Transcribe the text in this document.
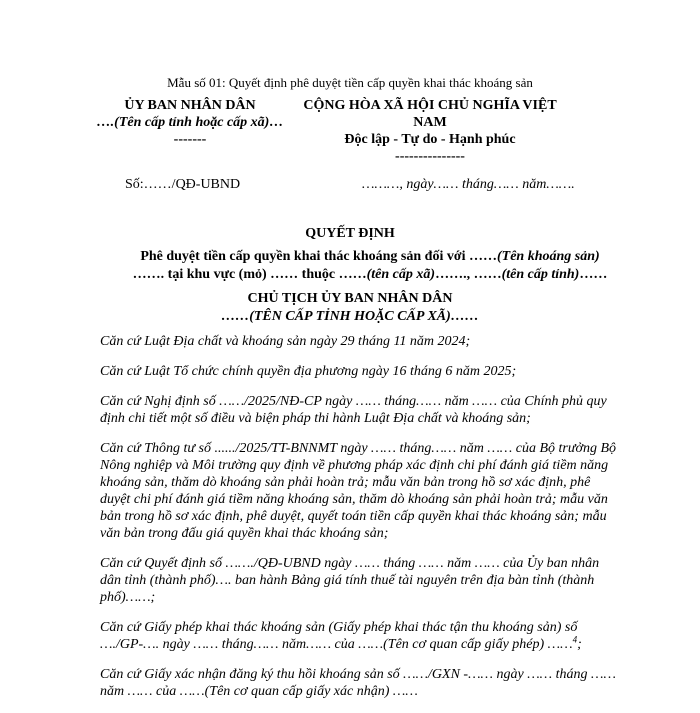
Mẫu số 01: Quyết định phê duyệt tiền cấp quyền khai thác khoáng sản
ỦY BAN NHÂN DÂN
….(Tên cấp tỉnh hoặc cấp xã)…
-------
CỘNG HÒA XÃ HỘI CHỦ NGHĨA VIỆT
NAM
Độc lập - Tự do - Hạnh phúc
---------------
Số:……/QĐ-UBND	………, ngày…… tháng…… năm…….
QUYẾT ĐỊNH
Phê duyệt tiền cấp quyền khai thác khoáng sản đối với ……(Tên khoáng sản)
……. tại khu vực (mỏ) …… thuộc ……(tên cấp xã)……., ……(tên cấp tỉnh)……
CHỦ TỊCH ỦY BAN NHÂN DÂN
……(TÊN CẤP TỈNH HOẶC CẤP XÃ)……

Căn cứ Luật Địa chất và khoáng sản ngày 29 tháng 11 năm 2024;

Căn cứ Luật Tổ chức chính quyền địa phương ngày 16 tháng 6 năm 2025;

Căn cứ Nghị định số ……/2025/NĐ-CP ngày …… tháng…… năm …… của Chính phủ quy định chi tiết một số điều và biện pháp thi hành Luật Địa chất và khoáng sản;

Căn cứ Thông tư số ....../2025/TT-BNNMT ngày …… tháng…… năm …… của Bộ trưởng Bộ Nông nghiệp và Môi trường quy định về phương pháp xác định chi phí đánh giá tiềm năng khoáng sản, thăm dò khoáng sản phải hoàn trả; mẫu văn bản trong hồ sơ xác định, phê duyệt chi phí đánh giá tiềm năng khoáng sản, thăm dò khoáng sản phải hoàn trả; mẫu văn bản trong hồ sơ xác định, phê duyệt, quyết toán tiền cấp quyền khai thác khoáng sản; mẫu văn bản trong đấu giá quyền khai thác khoáng sản;

Căn cứ Quyết định số ……./QĐ-UBND ngày …… tháng …… năm …… của Ủy ban nhân dân tỉnh (thành phố)…. ban hành Bảng giá tính thuế tài nguyên trên địa bàn tỉnh (thành phố)……;

Căn cứ Giấy phép khai thác khoáng sản (Giấy phép khai thác tận thu khoáng sản) số …./GP-…. ngày …… tháng…… năm…… của ……(Tên cơ quan cấp giấy phép) ……$^4$;

Căn cứ Giấy xác nhận đăng ký thu hồi khoáng sản số ……/GXN -…… ngày …… tháng …… năm …… của ……(Tên cơ quan cấp giấy xác nhận) ……
